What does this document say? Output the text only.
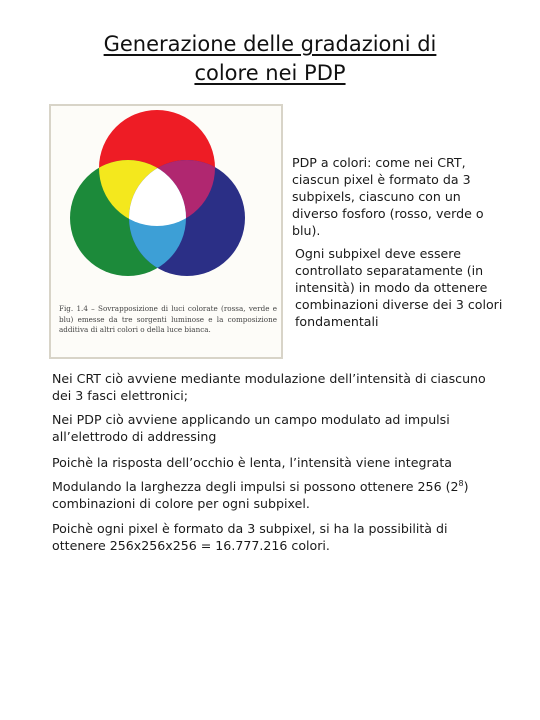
Generazione delle gradazioni di
colore nei PDP
Fig. 1.4 – Sovrapposizione di luci colorate (rossa, verde e blu) emesse da tre sorgenti luminose e la composizione additiva di altri colori o della luce bianca.
PDP a colori: come nei CRT, ciascun pixel è formato da 3 subpixels, ciascuno con un diverso fosforo (rosso, verde o blu).
Ogni subpixel deve essere controllato separatamente (in intensità) in modo da ottenere combinazioni diverse dei 3 colori fondamentali
Nei CRT ciò avviene mediante modulazione dell’intensità di ciascuno dei 3 fasci elettronici;
Nei PDP ciò avviene applicando un campo modulato ad impulsi all’elettrodo di addressing
Poichè la risposta dell’occhio è lenta, l’intensità viene integrata
Modulando la larghezza degli impulsi si possono ottenere 256 $(2^8)$ combinazioni di colore per ogni subpixel.
Poichè ogni pixel è formato da 3 subpixel, si ha la possibilità di ottenere 256x256x256 = 16.777.216 colori.
